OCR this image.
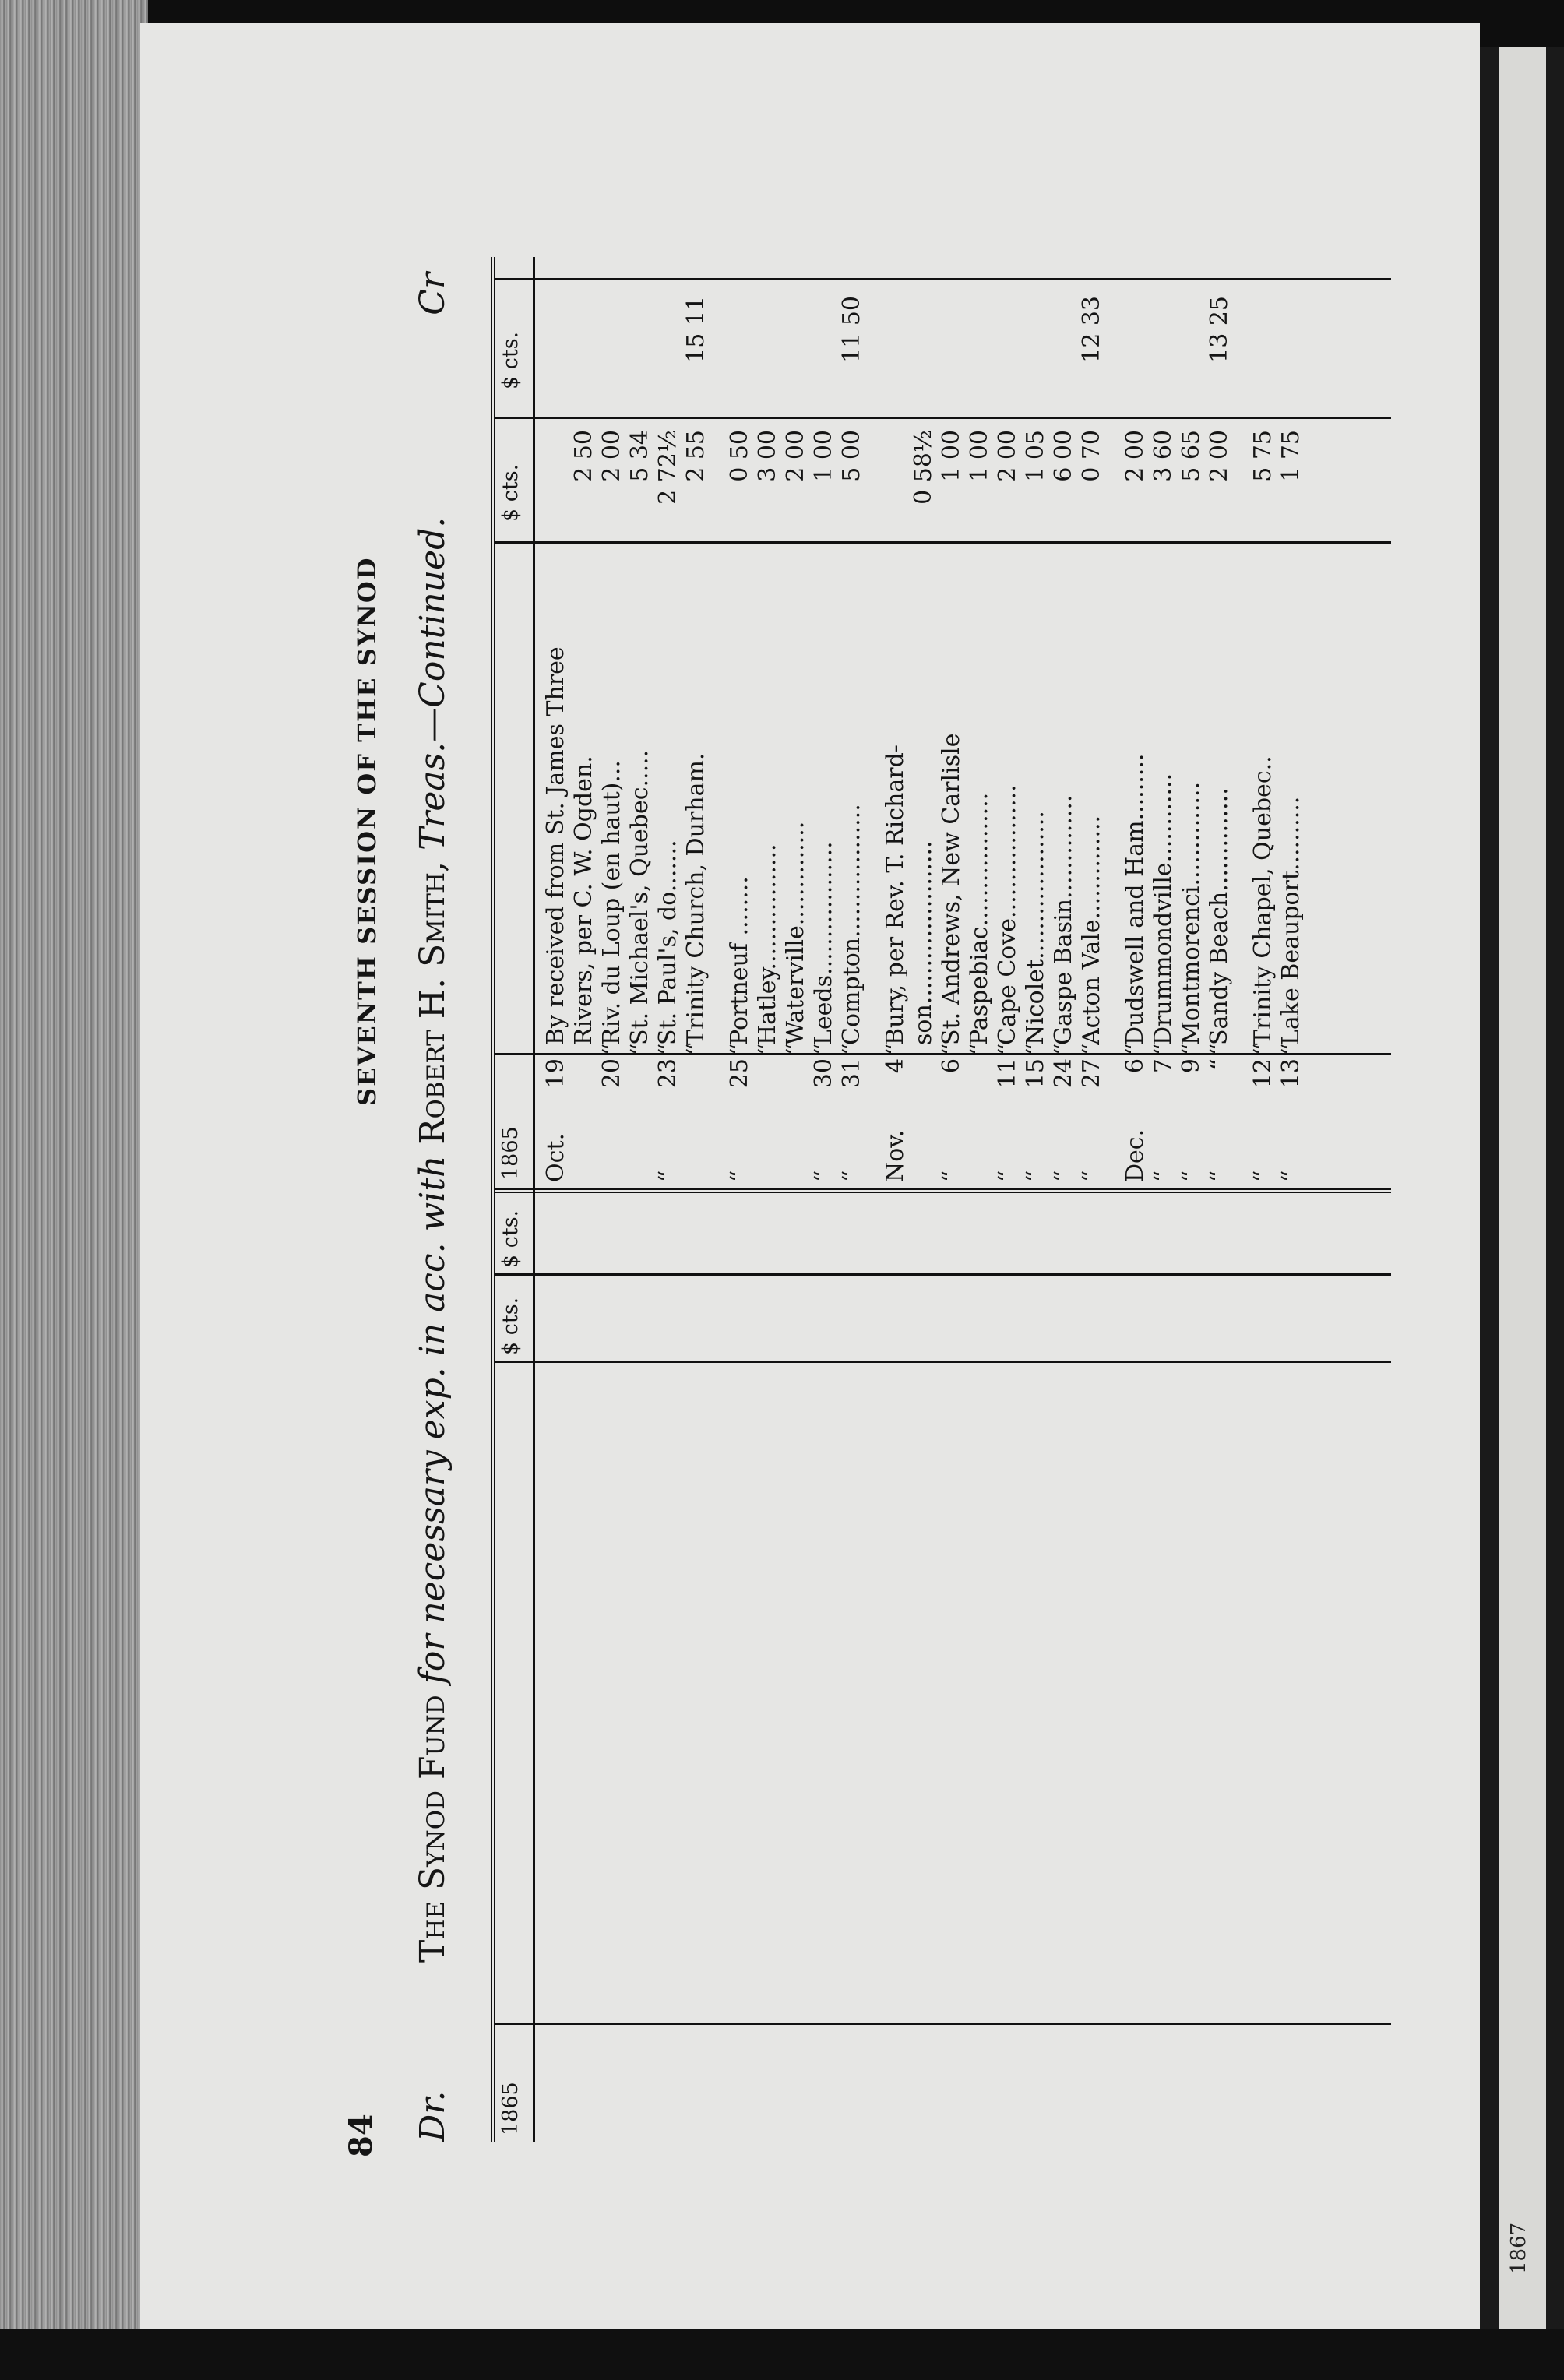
1867
84
SEVENTH SESSION OF THE SYNOD
Dr.
The Synod Fund for necessary exp. in acc. with Robert H. Smith, Treas.—Continued.
Cr
1865
$ cts.
$ cts.
1865
$ cts.
$ cts.
Oct.
19
By received from St. James Three Rivers, per C. W. Ogden.
2 50
20
Riv. du Loup (en haut)...
2 00
“
St. Michael's, Quebec.....
5 34
“
“
23
St. Paul's, do.......
2 72½
“
Trinity Church, Durham.
2 55
15 11
“
“
25
Portneuf ........
0 50
“
Hatley.................
3 00
“
Waterville..............
2 00
“
“
30
Leeds..................
1 00
“
“
31
Compton..................
5 00
11 50
“
Nov.
4
Bury, per Rev. T. Richard-
“
son......................
0 58½
“
6
St. Andrews, New Carlisle
1 00
“
Paspebiac..................
1 00
“
“
11
Cape Cove..................
2 00
“
“
15
Nicolet....................
1 05
“
“
24
Gaspe Basin..............
6 00
“
“
27
Acton Vale..............
0 70
12 33
“
Dec.
6
Dudswell and Ham.........
2 00
“
“
7
Drummondville............
3 60
“
“
9
Montmorenci..............
5 65
“
“
“
Sandy Beach..............
2 00
13 25
“
“
12
Trinity Chapel, Quebec..
5 75
“
“
13
Lake Beauport..........
1 75
“
